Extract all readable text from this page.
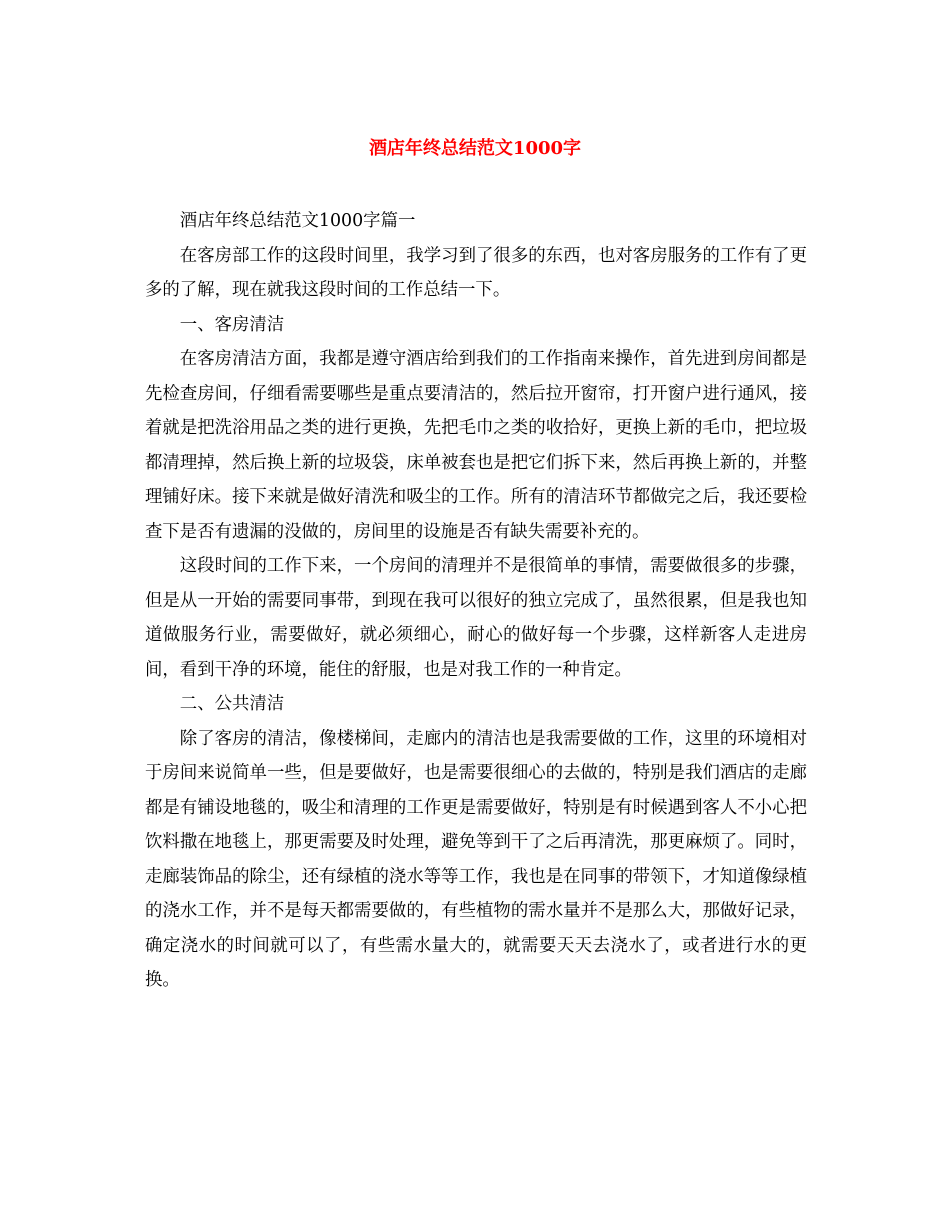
酒店年终总结范文1000字

酒店年终总结范文1000字篇一

在客房部工作的这段时间里，我学习到了很多的东西，也对客房服务的工作有了更多的了解，现在就我这段时间的工作总结一下。

一、客房清洁

在客房清洁方面，我都是遵守酒店给到我们的工作指南来操作，首先进到房间都是先检查房间，仔细看需要哪些是重点要清洁的，然后拉开窗帘，打开窗户进行通风，接着就是把洗浴用品之类的进行更换，先把毛巾之类的收拾好，更换上新的毛巾，把垃圾都清理掉，然后换上新的垃圾袋，床单被套也是把它们拆下来，然后再换上新的，并整理铺好床。接下来就是做好清洗和吸尘的工作。所有的清洁环节都做完之后，我还要检查下是否有遗漏的没做的，房间里的设施是否有缺失需要补充的。

这段时间的工作下来，一个房间的清理并不是很简单的事情，需要做很多的步骤，但是从一开始的需要同事带，到现在我可以很好的独立完成了，虽然很累，但是我也知道做服务行业，需要做好，就必须细心，耐心的做好每一个步骤，这样新客人走进房间，看到干净的环境，能住的舒服，也是对我工作的一种肯定。

二、公共清洁

除了客房的清洁，像楼梯间，走廊内的清洁也是我需要做的工作，这里的环境相对于房间来说简单一些，但是要做好，也是需要很细心的去做的，特别是我们酒店的走廊都是有铺设地毯的，吸尘和清理的工作更是需要做好，特别是有时候遇到客人不小心把饮料撒在地毯上，那更需要及时处理，避免等到干了之后再清洗，那更麻烦了。同时，走廊装饰品的除尘，还有绿植的浇水等等工作，我也是在同事的带领下，才知道像绿植的浇水工作，并不是每天都需要做的，有些植物的需水量并不是那么大，那做好记录，确定浇水的时间就可以了，有些需水量大的，就需要天天去浇水了，或者进行水的更换。
